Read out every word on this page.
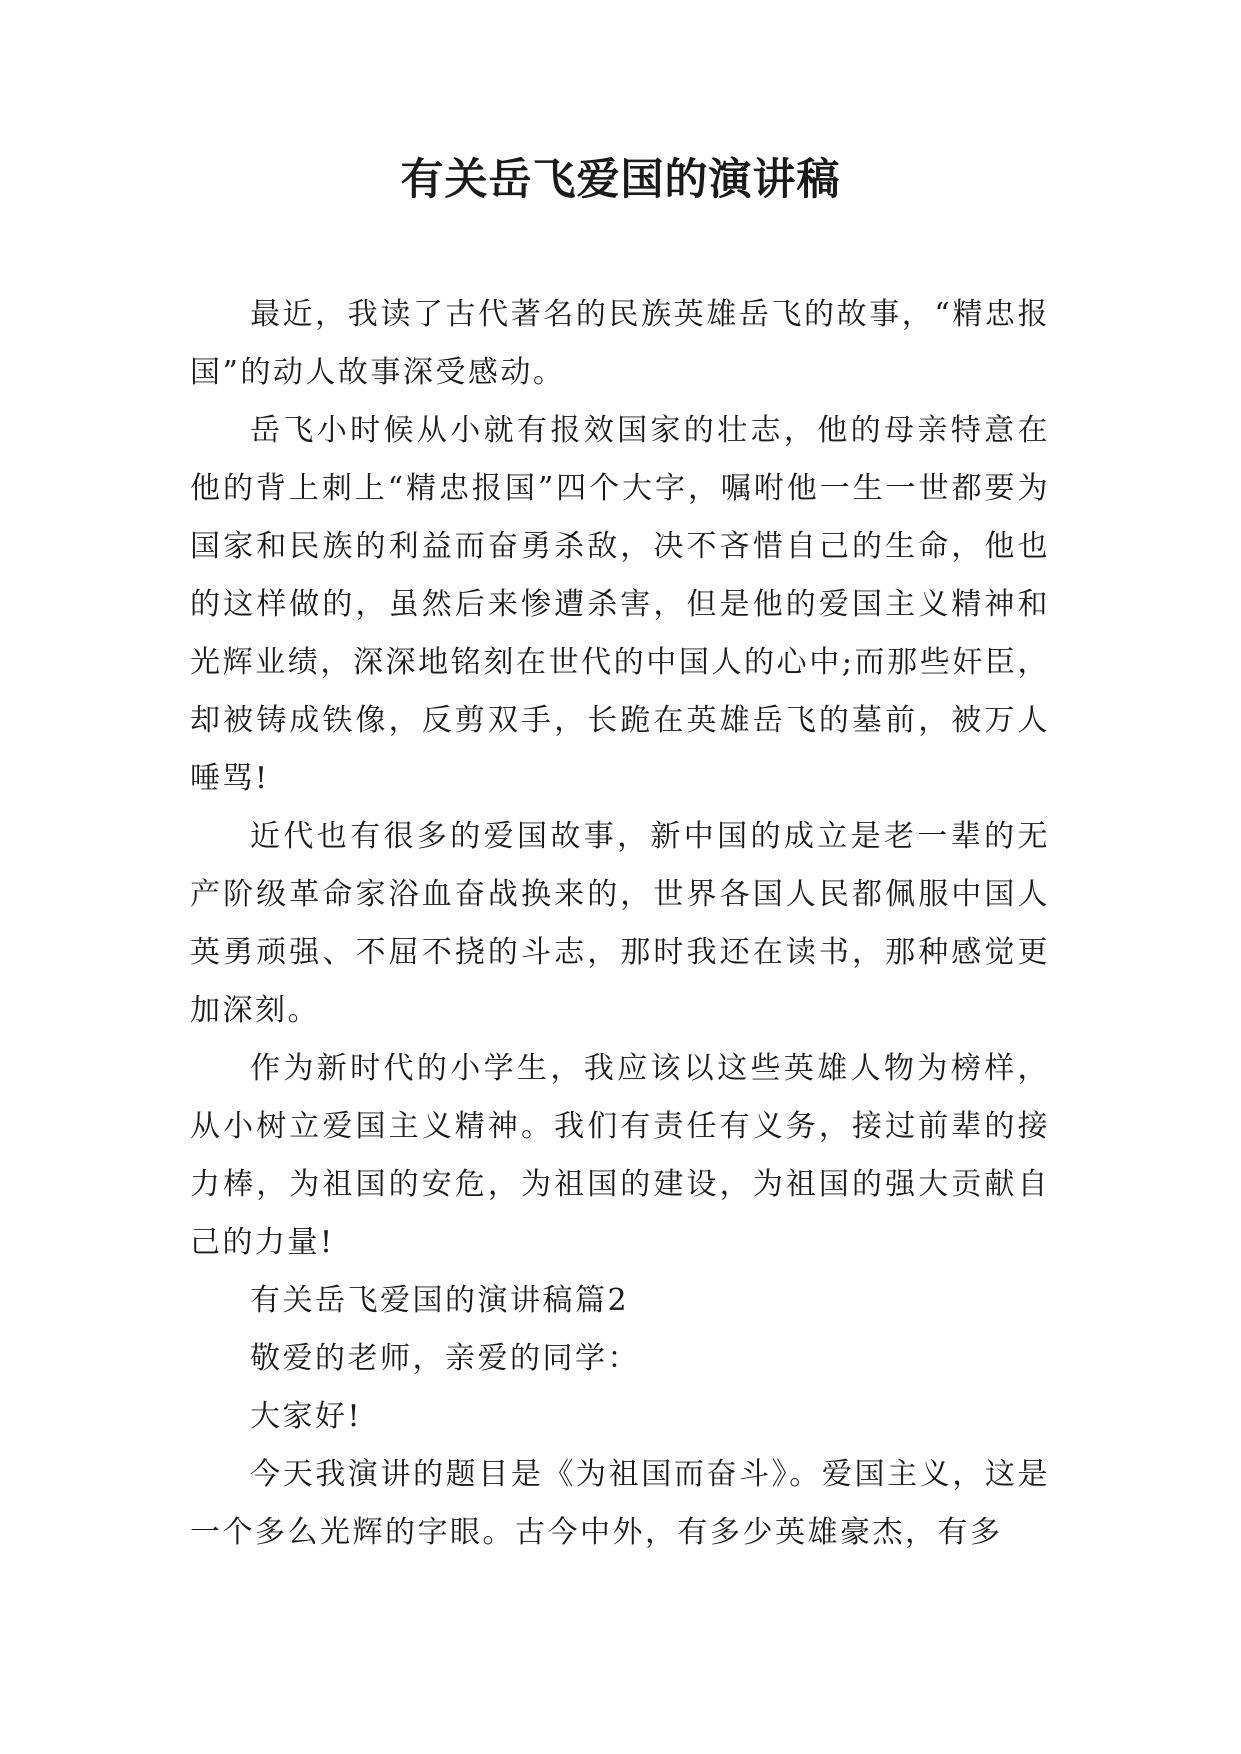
有关岳飞爱国的演讲稿

最近，我读了古代著名的民族英雄岳飞的故事，“精忠报国”的动人故事深受感动。

岳飞小时候从小就有报效国家的壮志，他的母亲特意在他的背上刺上“精忠报国”四个大字，嘱咐他一生一世都要为国家和民族的利益而奋勇杀敌，决不吝惜自己的生命，他也的这样做的，虽然后来惨遭杀害，但是他的爱国主义精神和光辉业绩，深深地铭刻在世代的中国人的心中;而那些奸臣，却被铸成铁像，反剪双手，长跪在英雄岳飞的墓前，被万人唾骂!

近代也有很多的爱国故事，新中国的成立是老一辈的无产阶级革命家浴血奋战换来的，世界各国人民都佩服中国人英勇顽强、不屈不挠的斗志，那时我还在读书，那种感觉更加深刻。

作为新时代的小学生，我应该以这些英雄人物为榜样，从小树立爱国主义精神。我们有责任有义务，接过前辈的接力棒，为祖国的安危，为祖国的建设，为祖国的强大贡献自己的力量!

有关岳飞爱国的演讲稿篇2

敬爱的老师，亲爱的同学：

大家好!

今天我演讲的题目是《为祖国而奋斗》。爱国主义，这是一个多么光辉的字眼。古今中外，有多少英雄豪杰，有多
